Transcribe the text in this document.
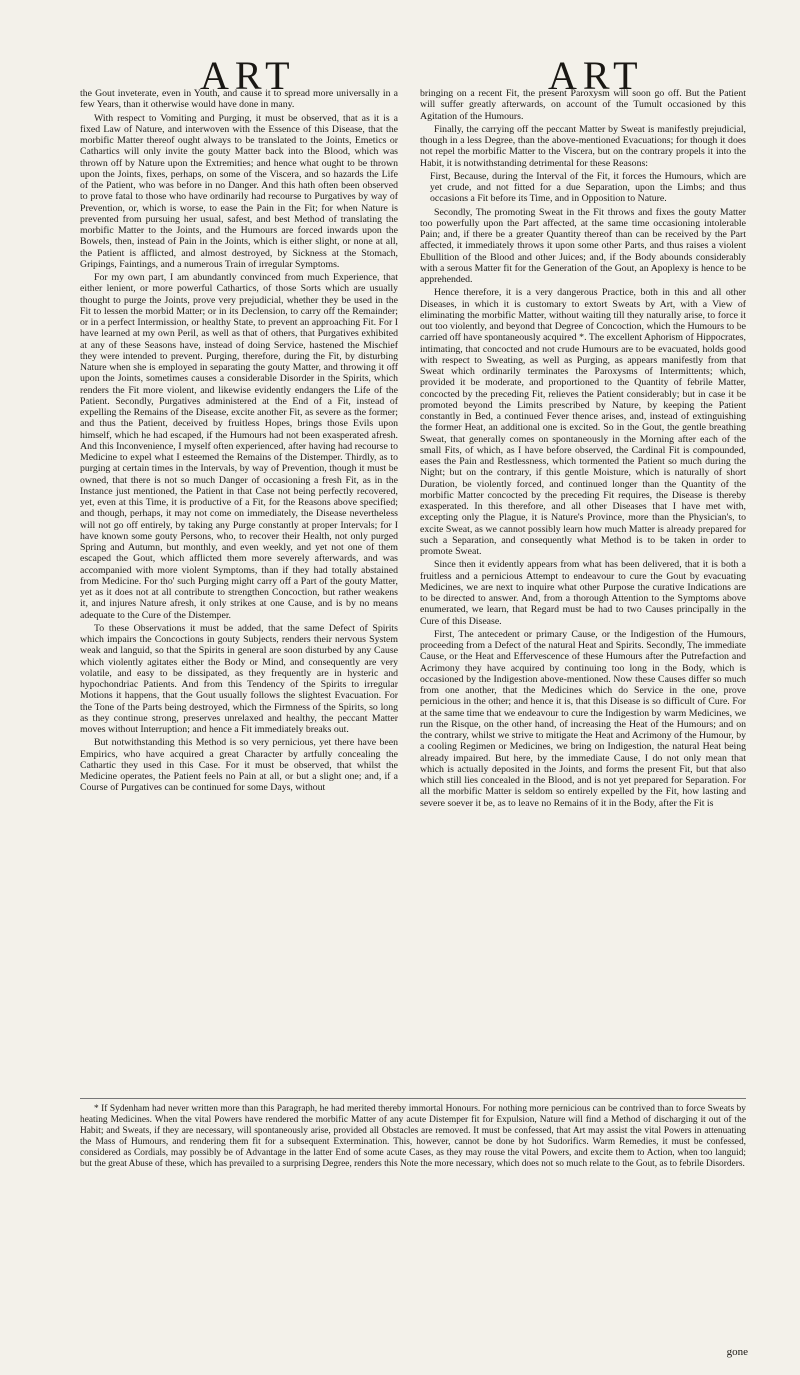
ART	ART

the Gout inveterate, even in Youth, and cause it to spread more universally in a few Years, than it otherwise would have done in many.

With respect to Vomiting and Purging, it must be observed, that as it is a fixed Law of Nature, and interwoven with the Essence of this Disease, that the morbific Matter thereof ought always to be translated to the Joints, Emetics or Cathartics will only invite the gouty Matter back into the Blood, which was thrown off by Nature upon the Extremities; and hence what ought to be thrown upon the Joints, fixes, perhaps, on some of the Viscera, and so hazards the Life of the Patient, who was before in no Danger. And this hath often been observed to prove fatal to those who have ordinarily had recourse to Purgatives by way of Prevention, or, which is worse, to ease the Pain in the Fit; for when Nature is prevented from pursuing her usual, safest, and best Method of translating the morbific Matter to the Joints, and the Humours are forced inwards upon the Bowels, then, instead of Pain in the Joints, which is either slight, or none at all, the Patient is afflicted, and almost destroyed, by Sickness at the Stomach, Gripings, Faintings, and a numerous Train of irregular Symptoms.

For my own part, I am abundantly convinced from much Experience, that either lenient, or more powerful Cathartics, of those Sorts which are usually thought to purge the Joints, prove very prejudicial, whether they be used in the Fit to lessen the morbid Matter; or in its Declension, to carry off the Remainder; or in a perfect Intermission, or healthy State, to prevent an approaching Fit. For I have learned at my own Peril, as well as that of others, that Purgatives exhibited at any of these Seasons have, instead of doing Service, hastened the Mischief they were intended to prevent. Purging, therefore, during the Fit, by disturbing Nature when she is employed in separating the gouty Matter, and throwing it off upon the Joints, sometimes causes a considerable Disorder in the Spirits, which renders the Fit more violent, and likewise evidently endangers the Life of the Patient. Secondly, Purgatives administered at the End of a Fit, instead of expelling the Remains of the Disease, excite another Fit, as severe as the former; and thus the Patient, deceived by fruitless Hopes, brings those Evils upon himself, which he had escaped, if the Humours had not been exasperated afresh. And this Inconvenience, I myself often experienced, after having had recourse to Medicine to expel what I esteemed the Remains of the Distemper. Thirdly, as to purging at certain times in the Intervals, by way of Prevention, though it must be owned, that there is not so much Danger of occasioning a fresh Fit, as in the Instance just mentioned, the Patient in that Case not being perfectly recovered, yet, even at this Time, it is productive of a Fit, for the Reasons above specified; and though, perhaps, it may not come on immediately, the Disease nevertheless will not go off entirely, by taking any Purge constantly at proper Intervals; for I have known some gouty Persons, who, to recover their Health, not only purged Spring and Autumn, but monthly, and even weekly, and yet not one of them escaped the Gout, which afflicted them more severely afterwards, and was accompanied with more violent Symptoms, than if they had totally abstained from Medicine. For tho' such Purging might carry off a Part of the gouty Matter, yet as it does not at all contribute to strengthen Concoction, but rather weakens it, and injures Nature afresh, it only strikes at one Cause, and is by no means adequate to the Cure of the Distemper.

To these Observations it must be added, that the same Defect of Spirits which impairs the Concoctions in gouty Subjects, renders their nervous System weak and languid, so that the Spirits in general are soon disturbed by any Cause which violently agitates either the Body or Mind, and consequently are very volatile, and easy to be dissipated, as they frequently are in hysteric and hypochondriac Patients. And from this Tendency of the Spirits to irregular Motions it happens, that the Gout usually follows the slightest Evacuation. For the Tone of the Parts being destroyed, which the Firmness of the Spirits, so long as they continue strong, preserves unrelaxed and healthy, the peccant Matter moves without Interruption; and hence a Fit immediately breaks out.

But notwithstanding this Method is so very pernicious, yet there have been Empirics, who have acquired a great Character by artfully concealing the Cathartic they used in this Case. For it must be observed, that whilst the Medicine operates, the Patient feels no Pain at all, or but a slight one; and, if a Course of Purgatives can be continued for some Days, without

bringing on a recent Fit, the present Paroxysm will soon go off. But the Patient will suffer greatly afterwards, on account of the Tumult occasioned by this Agitation of the Humours.

Finally, the carrying off the peccant Matter by Sweat is manifestly prejudicial, though in a less Degree, than the above-mentioned Evacuations; for though it does not repel the morbific Matter to the Viscera, but on the contrary propels it into the Habit, it is notwithstanding detrimental for these Reasons:

First, Because, during the Interval of the Fit, it forces the Humours, which are yet crude, and not fitted for a due Separation, upon the Limbs; and thus occasions a Fit before its Time, and in Opposition to Nature.

Secondly, The promoting Sweat in the Fit throws and fixes the gouty Matter too powerfully upon the Part affected, at the same time occasioning intolerable Pain; and, if there be a greater Quantity thereof than can be received by the Part affected, it immediately throws it upon some other Parts, and thus raises a violent Ebullition of the Blood and other Juices; and, if the Body abounds considerably with a serous Matter fit for the Generation of the Gout, an Apoplexy is hence to be apprehended.

Hence therefore, it is a very dangerous Practice, both in this and all other Diseases, in which it is customary to extort Sweats by Art, with a View of eliminating the morbific Matter, without waiting till they naturally arise, to force it out too violently, and beyond that Degree of Concoction, which the Humours to be carried off have spontaneously acquired *. The excellent Aphorism of Hippocrates, intimating, that concocted and not crude Humours are to be evacuated, holds good with respect to Sweating, as well as Purging, as appears manifestly from that Sweat which ordinarily terminates the Paroxysms of Intermittents; which, provided it be moderate, and proportioned to the Quantity of febrile Matter, concocted by the preceding Fit, relieves the Patient considerably; but in case it be promoted beyond the Limits prescribed by Nature, by keeping the Patient constantly in Bed, a continued Fever thence arises, and, instead of extinguishing the former Heat, an additional one is excited. So in the Gout, the gentle breathing Sweat, that generally comes on spontaneously in the Morning after each of the small Fits, of which, as I have before observed, the Cardinal Fit is compounded, eases the Pain and Restlessness, which tormented the Patient so much during the Night; but on the contrary, if this gentle Moisture, which is naturally of short Duration, be violently forced, and continued longer than the Quantity of the morbific Matter concocted by the preceding Fit requires, the Disease is thereby exasperated. In this therefore, and all other Diseases that I have met with, excepting only the Plague, it is Nature's Province, more than the Physician's, to excite Sweat, as we cannot possibly learn how much Matter is already prepared for such a Separation, and consequently what Method is to be taken in order to promote Sweat.

Since then it evidently appears from what has been delivered, that it is both a fruitless and a pernicious Attempt to endeavour to cure the Gout by evacuating Medicines, we are next to inquire what other Purpose the curative Indications are to be directed to answer. And, from a thorough Attention to the Symptoms above enumerated, we learn, that Regard must be had to two Causes principally in the Cure of this Disease.

First, The antecedent or primary Cause, or the Indigestion of the Humours, proceeding from a Defect of the natural Heat and Spirits. Secondly, The immediate Cause, or the Heat and Effervescence of these Humours after the Putrefaction and Acrimony they have acquired by continuing too long in the Body, which is occasioned by the Indigestion above-mentioned. Now these Causes differ so much from one another, that the Medicines which do Service in the one, prove pernicious in the other; and hence it is, that this Disease is so difficult of Cure. For at the same time that we endeavour to cure the Indigestion by warm Medicines, we run the Risque, on the other hand, of increasing the Heat of the Humours; and on the contrary, whilst we strive to mitigate the Heat and Acrimony of the Humour, by a cooling Regimen or Medicines, we bring on Indigestion, the natural Heat being already impaired. But here, by the immediate Cause, I do not only mean that which is actually deposited in the Joints, and forms the present Fit, but that also which still lies concealed in the Blood, and is not yet prepared for Separation. For all the morbific Matter is seldom so entirely expelled by the Fit, how lasting and severe soever it be, as to leave no Remains of it in the Body, after the Fit is

* If Sydenham had never written more than this Paragraph, he had merited thereby immortal Honours. For nothing more pernicious can be contrived than to force Sweats by heating Medicines. When the vital Powers have rendered the morbific Matter of any acute Distemper fit for Expulsion, Nature will find a Method of discharging it out of the Habit; and Sweats, if they are necessary, will spontaneously arise, provided all Obstacles are removed. It must be confessed, that Art may assist the vital Powers in attenuating the Mass of Humours, and rendering them fit for a subsequent Extermination. This, however, cannot be done by hot Sudorifics. Warm Remedies, it must be confessed, considered as Cordials, may possibly be of Advantage in the latter End of some acute Cases, as they may rouse the vital Powers, and excite them to Action, when too languid; but the great Abuse of these, which has prevailed to a surprising Degree, renders this Note the more necessary, which does not so much relate to the Gout, as to febrile Disorders.

gone
